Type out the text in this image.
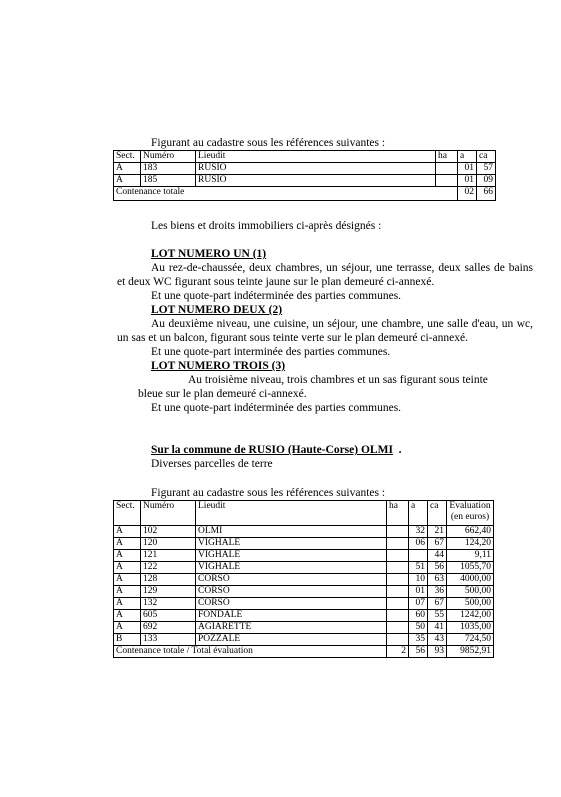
Figurant au cadastre sous les références suivantes :
Sect.	Numéro	Lieudit	ha	a	ca
A	183	RUSIO		01	57
A	185	RUSIO		01	09
Contenance totale				02	66
Les biens et droits immobiliers ci-après désignés :
LOT NUMERO UN (1)
Au rez-de-chaussée, deux chambres, un séjour, une terrasse, deux salles de bains et deux WC figurant sous teinte jaune sur le plan demeuré ci-annexé.
Et une quote-part indéterminée des parties communes.
LOT NUMERO DEUX (2)
Au deuxième niveau, une cuisine, un séjour, une chambre, une salle d'eau, un wc, un sas et un balcon, figurant sous teinte verte sur le plan demeuré ci-annexé.
Et une quote-part interminée des parties communes.
LOT NUMERO TROIS (3)
Au troisième niveau, trois chambres et un sas figurant sous teinte
bleue sur le plan demeuré ci-annexé.
Et une quote-part indéterminée des parties communes.
Sur la commune de RUSIO (Haute-Corse) OLMI .
Diverses parcelles de terre
Figurant au cadastre sous les références suivantes :
Sect.	Numéro	Lieudit	ha	a	ca	Evaluation (en euros)
A	102	OLMI		32	21	662,40
A	120	VIGHALE		06	67	124,20
A	121	VIGHALE			44	9,11
A	122	VIGHALE		51	56	1055,70
A	128	CORSO		10	63	4000,00
A	129	CORSO		01	36	500,00
A	132	CORSO		07	67	500,00
A	605	FONDALE		60	55	1242,00
A	692	AGIARETTE		50	41	1035,00
B	133	POZZALE		35	43	724,50
Contenance totale / Total évaluation			2	56	93	9852,91
